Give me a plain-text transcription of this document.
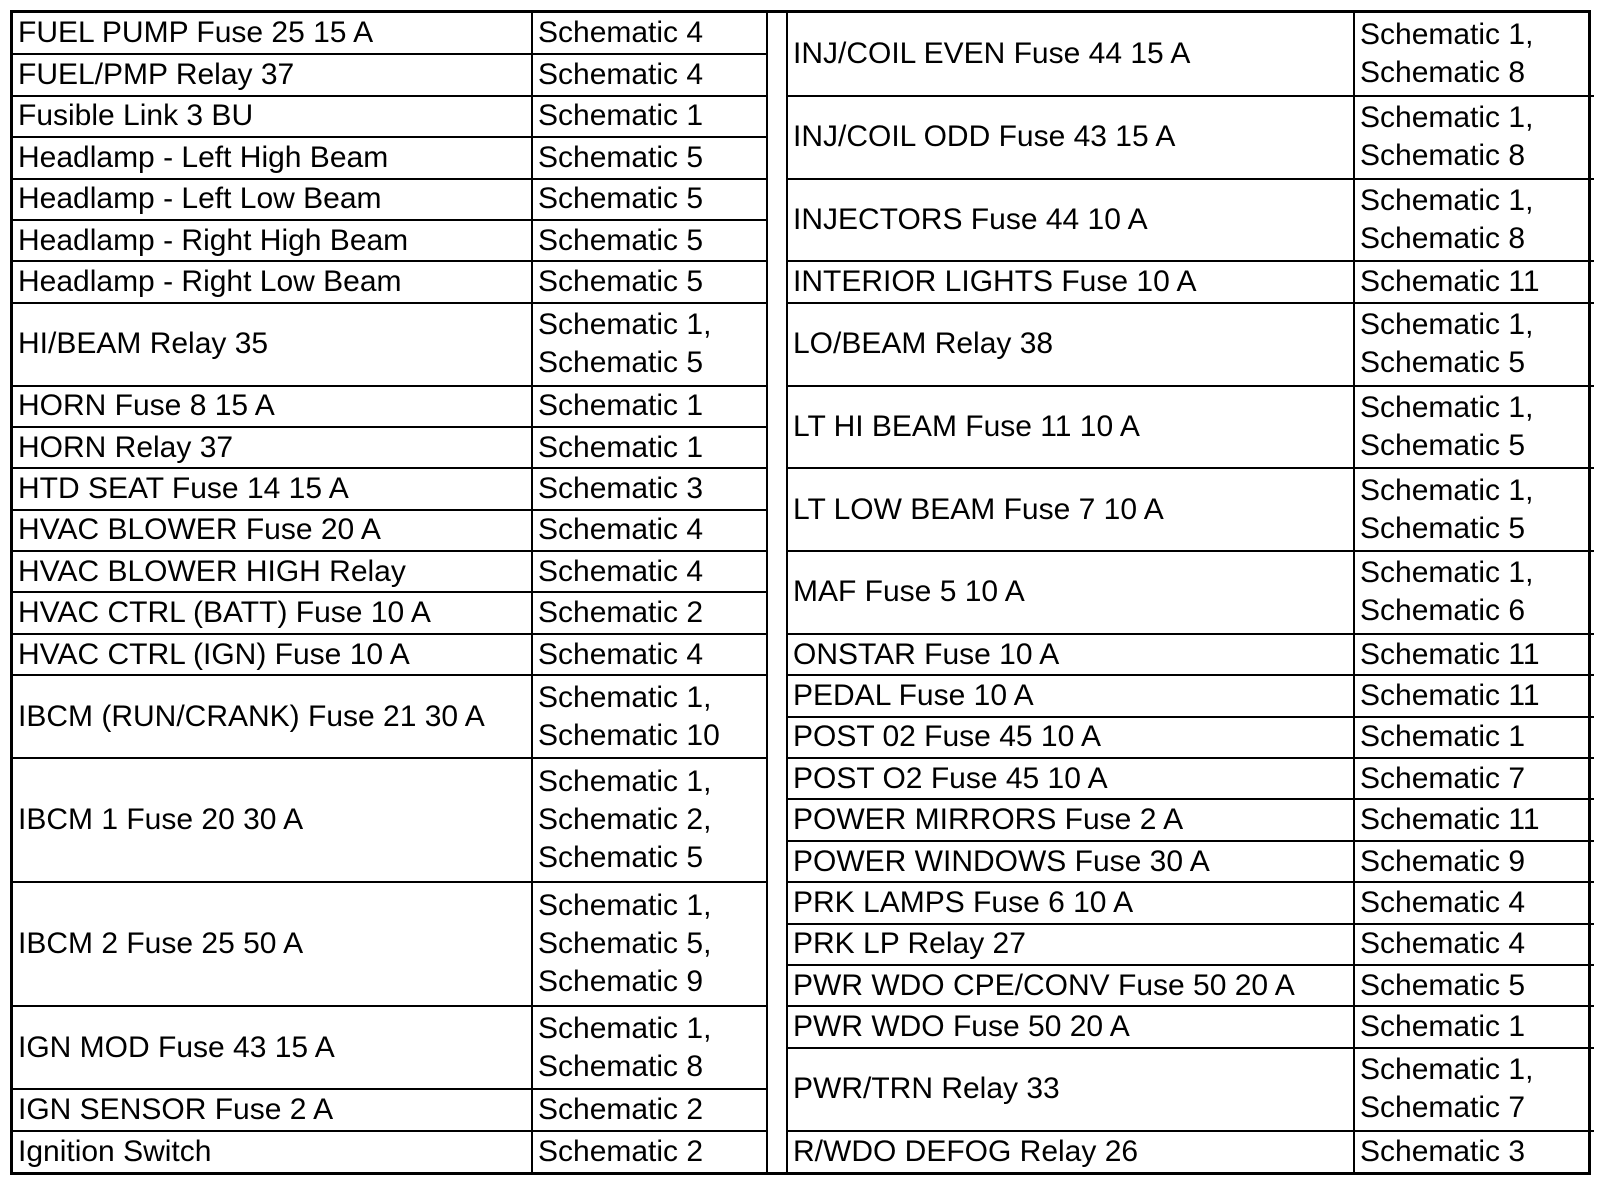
FUEL PUMP Fuse 25 15 A	Schematic 4

FUEL/PMP Relay 37	Schematic 4

Fusible Link 3 BU	Schematic 1

Headlamp - Left High Beam	Schematic 5

Headlamp - Left Low Beam	Schematic 5

Headlamp - Right High Beam	Schematic 5

Headlamp - Right Low Beam	Schematic 5

HI/BEAM Relay 35	Schematic 1,
Schematic 5

HORN Fuse 8 15 A	Schematic 1

HORN Relay 37	Schematic 1

HTD SEAT Fuse 14 15 A	Schematic 3

HVAC BLOWER Fuse 20 A	Schematic 4

HVAC BLOWER HIGH Relay	Schematic 4

HVAC CTRL (BATT) Fuse 10 A	Schematic 2

HVAC CTRL (IGN) Fuse 10 A	Schematic 4

IBCM (RUN/CRANK) Fuse 21 30 A	Schematic 1,
Schematic 10

IBCM 1 Fuse 20 30 A	Schematic 1,
Schematic 2,
Schematic 5

IBCM 2 Fuse 25 50 A	Schematic 1,
Schematic 5,
Schematic 9

IGN MOD Fuse 43 15 A	Schematic 1,
Schematic 8

IGN SENSOR Fuse 2 A	Schematic 2

Ignition Switch	Schematic 2
INJ/COIL EVEN Fuse 44 15 A	Schematic 1,
Schematic 8

INJ/COIL ODD Fuse 43 15 A	Schematic 1,
Schematic 8

INJECTORS Fuse 44 10 A	Schematic 1,
Schematic 8

INTERIOR LIGHTS Fuse 10 A	Schematic 11

LO/BEAM Relay 38	Schematic 1,
Schematic 5

LT HI BEAM Fuse 11 10 A	Schematic 1,
Schematic 5

LT LOW BEAM Fuse 7 10 A	Schematic 1,
Schematic 5

MAF Fuse 5 10 A	Schematic 1,
Schematic 6

ONSTAR Fuse 10 A	Schematic 11

PEDAL Fuse 10 A	Schematic 11

POST 02 Fuse 45 10 A	Schematic 1

POST O2 Fuse 45 10 A	Schematic 7

POWER MIRRORS Fuse 2 A	Schematic 11

POWER WINDOWS Fuse 30 A	Schematic 9

PRK LAMPS Fuse 6 10 A	Schematic 4

PRK LP Relay 27	Schematic 4

PWR WDO CPE/CONV Fuse 50 20 A	Schematic 5

PWR WDO Fuse 50 20 A	Schematic 1

PWR/TRN Relay 33	Schematic 1,
Schematic 7

R/WDO DEFOG Relay 26	Schematic 3
